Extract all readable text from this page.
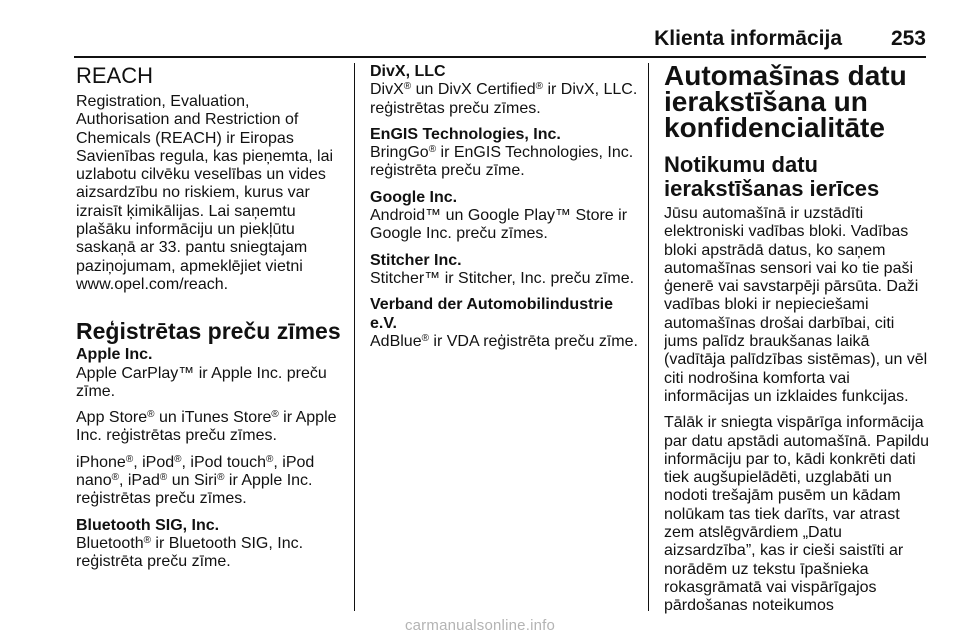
Klienta informācija 253
REACH

Registration, Evaluation, Authorisation and Restriction of Chemicals (REACH) ir Eiropas Savienības regula, kas pieņemta, lai uzlabotu cilvēku veselības un vides aizsardzību no riskiem, kurus var izraisīt ķimikālijas. Lai saņemtu plašāku informāciju un piekļūtu saskaņā ar 33. pantu sniegtajam paziņojumam, apmeklējiet vietni www.opel.com/reach.

Reģistrētas preču zīmes

Apple Inc.
Apple CarPlay™ ir Apple Inc. preču zīme.

App Store® un iTunes Store® ir Apple Inc. reģistrētas preču zīmes.

iPhone®, iPod®, iPod touch®, iPod nano®, iPad® un Siri® ir Apple Inc. reģistrētas preču zīmes.

Bluetooth SIG, Inc.
Bluetooth® ir Bluetooth SIG, Inc. reģistrēta preču zīme.

DivX, LLC
DivX® un DivX Certified® ir DivX, LLC. reģistrētas preču zīmes.

EnGIS Technologies, Inc.
BringGo® ir EnGIS Technologies, Inc. reģistrēta preču zīme.

Google Inc.
Android™ un Google Play™ Store ir Google Inc. preču zīmes.

Stitcher Inc.
Stitcher™ ir Stitcher, Inc. preču zīme.

Verband der Automobilindustrie e.V.
AdBlue® ir VDA reģistrēta preču zīme.

Automašīnas datu ierakstīšana un konfidencialitāte
Notikumu datu ierakstīšanas ierīces

Jūsu automašīnā ir uzstādīti elektroniski vadības bloki. Vadības bloki apstrādā datus, ko saņem automašīnas sensori vai ko tie paši ģenerē vai savstarpēji pārsūta. Daži vadības bloki ir nepieciešami automašīnas drošai darbībai, citi jums palīdz braukšanas laikā (vadītāja palīdzības sistēmas), un vēl citi nodrošina komforta vai informācijas un izklaides funkcijas.

Tālāk ir sniegta vispārīga informācija par datu apstādi automašīnā. Papildu informāciju par to, kādi konkrēti dati tiek augšupielādēti, uzglabāti un nodoti trešajām pusēm un kādam nolūkam tas tiek darīts, var atrast zem atslēgvārdiem „Datu aizsardzība”, kas ir cieši saistīti ar norādēm uz tekstu īpašnieka rokasgrāmatā vai vispārīgajos pārdošanas noteikumos

carmanualsonline.info
